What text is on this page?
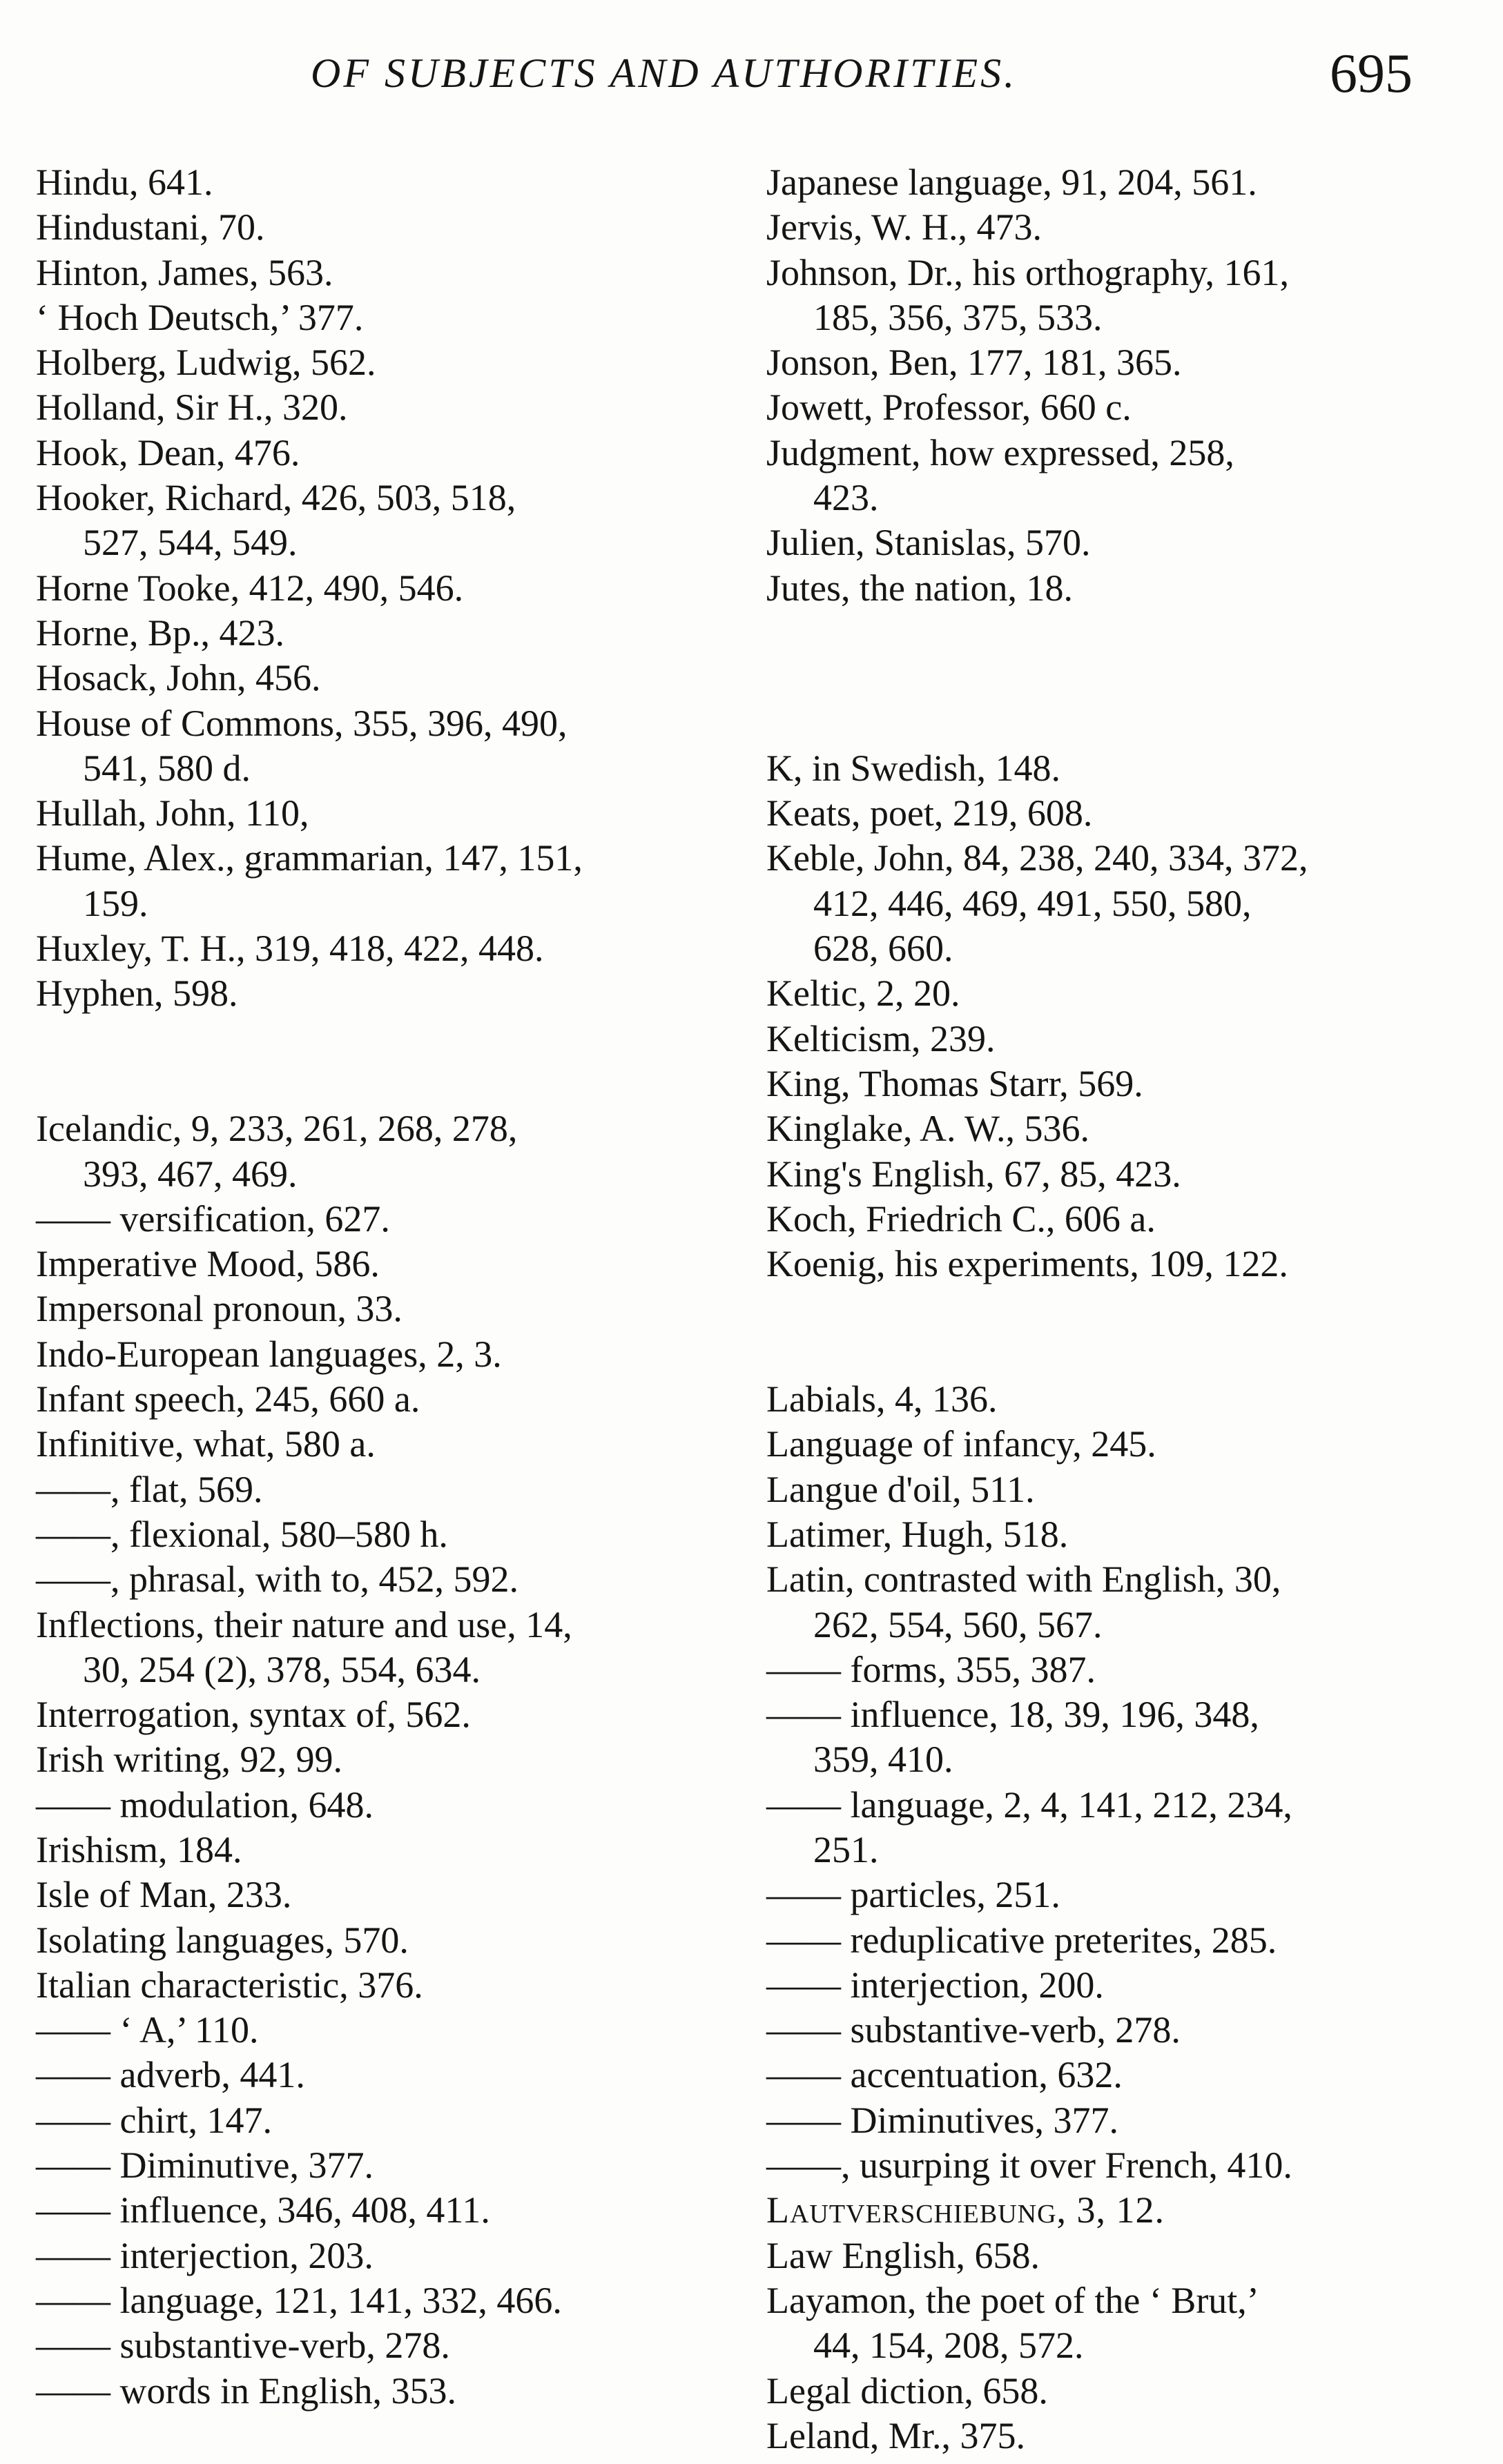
OF SUBJECTS AND AUTHORITIES.	695
Hindu, 641.
Hindustani, 70.
Hinton, James, 563.
‘ Hoch Deutsch,’ 377.
Holberg, Ludwig, 562.
Holland, Sir H., 320.
Hook, Dean, 476.
Hooker, Richard, 426, 503, 518,
527, 544, 549.
Horne Tooke, 412, 490, 546.
Horne, Bp., 423.
Hosack, John, 456.
House of Commons, 355, 396, 490,
541, 580 d.
Hullah, John, 110,
Hume, Alex., grammarian, 147, 151,
159.
Huxley, T. H., 319, 418, 422, 448.
Hyphen, 598.
Icelandic, 9, 233, 261, 268, 278,
393, 467, 469.
—— versification, 627.
Imperative Mood, 586.
Impersonal pronoun, 33.
Indo-European languages, 2, 3.
Infant speech, 245, 660 a.
Infinitive, what, 580 a.
——, flat, 569.
——, flexional, 580–580 h.
——, phrasal, with to, 452, 592.
Inflections, their nature and use, 14,
30, 254 (2), 378, 554, 634.
Interrogation, syntax of, 562.
Irish writing, 92, 99.
—— modulation, 648.
Irishism, 184.
Isle of Man, 233.
Isolating languages, 570.
Italian characteristic, 376.
—— ‘ A,’ 110.
—— adverb, 441.
—— chirt, 147.
—— Diminutive, 377.
—— influence, 346, 408, 411.
—— interjection, 203.
—— language, 121, 141, 332, 466.
—— substantive-verb, 278.
—— words in English, 353.
Japanese language, 91, 204, 561.
Jervis, W. H., 473.
Johnson, Dr., his orthography, 161,
185, 356, 375, 533.
Jonson, Ben, 177, 181, 365.
Jowett, Professor, 660 c.
Judgment, how expressed, 258,
423.
Julien, Stanislas, 570.
Jutes, the nation, 18.
K, in Swedish, 148.
Keats, poet, 219, 608.
Keble, John, 84, 238, 240, 334, 372,
412, 446, 469, 491, 550, 580,
628, 660.
Keltic, 2, 20.
Kelticism, 239.
King, Thomas Starr, 569.
Kinglake, A. W., 536.
King's English, 67, 85, 423.
Koch, Friedrich C., 606 a.
Koenig, his experiments, 109, 122.
Labials, 4, 136.
Language of infancy, 245.
Langue d'oil, 511.
Latimer, Hugh, 518.
Latin, contrasted with English, 30,
262, 554, 560, 567.
—— forms, 355, 387.
—— influence, 18, 39, 196, 348,
359, 410.
—— language, 2, 4, 141, 212, 234,
251.
—— particles, 251.
—— reduplicative preterites, 285.
—— interjection, 200.
—— substantive-verb, 278.
—— accentuation, 632.
—— Diminutives, 377.
——, usurping it over French, 410.
Lautverschiebung, 3, 12.
Law English, 658.
Layamon, the poet of the ‘ Brut,’
44, 154, 208, 572.
Legal diction, 658.
Leland, Mr., 375.
